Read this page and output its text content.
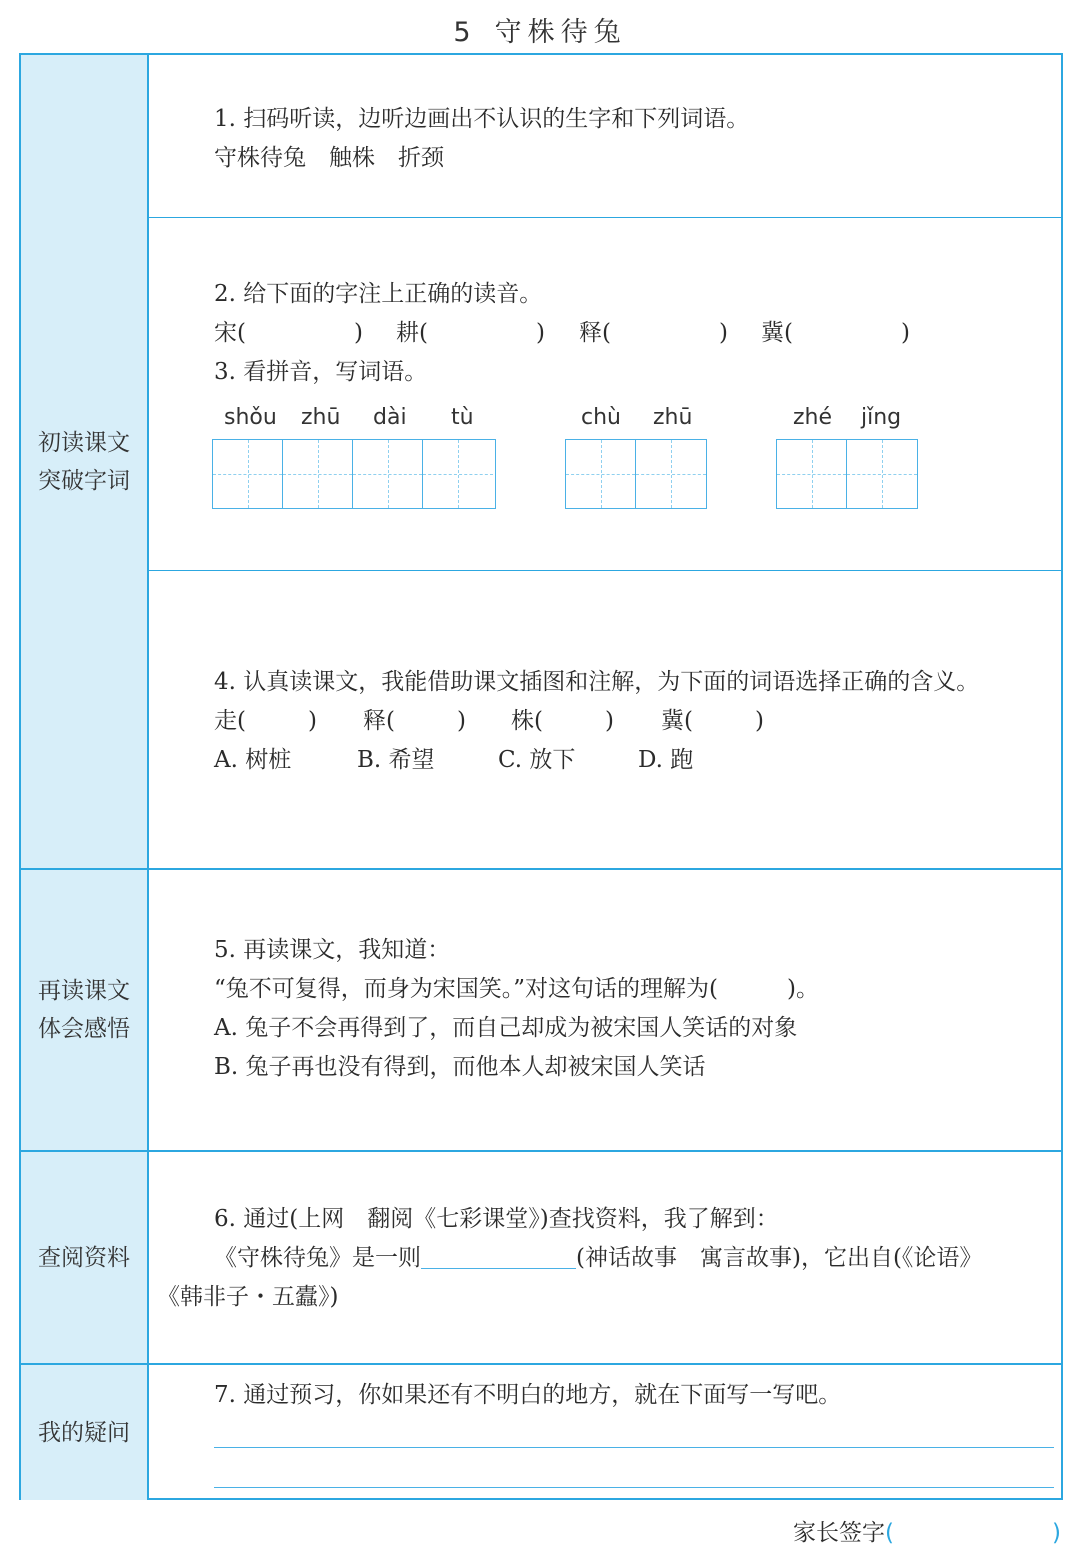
5 守株待兔
初读课文
突破字词
1. 扫码听读，边听边画出不认识的生字和下列词语。
守株待兔　触株　折颈
2. 给下面的字注上正确的读音。
宋(	) 耕(	) 释(	) 冀(	)
3. 看拼音，写词语。
shǒu zhū dài tù	chù zhū	zhé jǐng
4. 认真读课文，我能借助课文插图和注解，为下面的词语选择正确的含义。
走(	) 释(	) 株(	) 冀(	)
A. 树桩	B. 希望	C. 放下	D. 跑
再读课文
体会感悟
5. 再读课文，我知道：
“兔不可复得，而身为宋国笑。”对这句话的理解为(　　　)。
A. 兔子不会再得到了，而自己却成为被宋国人笑话的对象
B. 兔子再也没有得到，而他本人却被宋国人笑话
查阅资料
6. 通过(上网　翻阅《七彩课堂》)查找资料，我了解到：
《守株待兔》是一则	(神话故事　寓言故事)，它出自(《论语》
《韩非子・五蠹》)
我的疑问
7. 通过预习，你如果还有不明白的地方，就在下面写一写吧。
家长签字(	)
